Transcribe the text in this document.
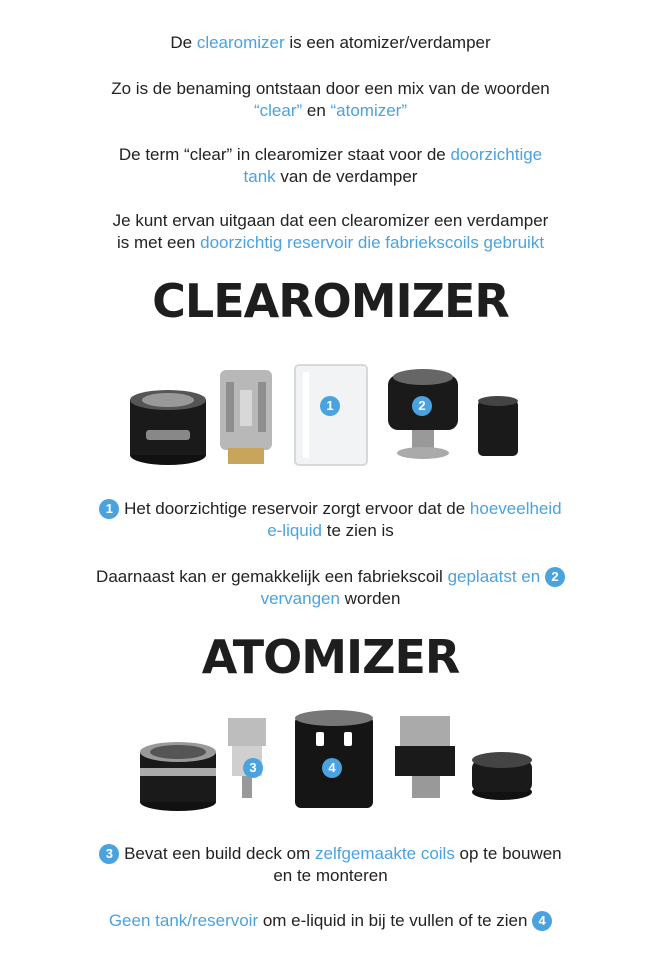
De clearomizer is een atomizer/verdamper
Zo is de benaming ontstaan door een mix van de woorden
“clear” en “atomizer”
De term “clear” in clearomizer staat voor de doorzichtige
tank van de verdamper
Je kunt ervan uitgaan dat een clearomizer een verdamper
is met een doorzichtig reservoir die fabriekscoils gebruikt
CLEAROMIZER
1	2
1 Het doorzichtige reservoir zorgt ervoor dat de hoeveelheid
e-liquid te zien is
Daarnaast kan er gemakkelijk een fabriekscoil geplaatst en 2
vervangen worden
ATOMIZER
3	4
3 Bevat een build deck om zelfgemaakte coils op te bouwen
en te monteren
Geen tank/reservoir om e-liquid in bij te vullen of te zien 4
